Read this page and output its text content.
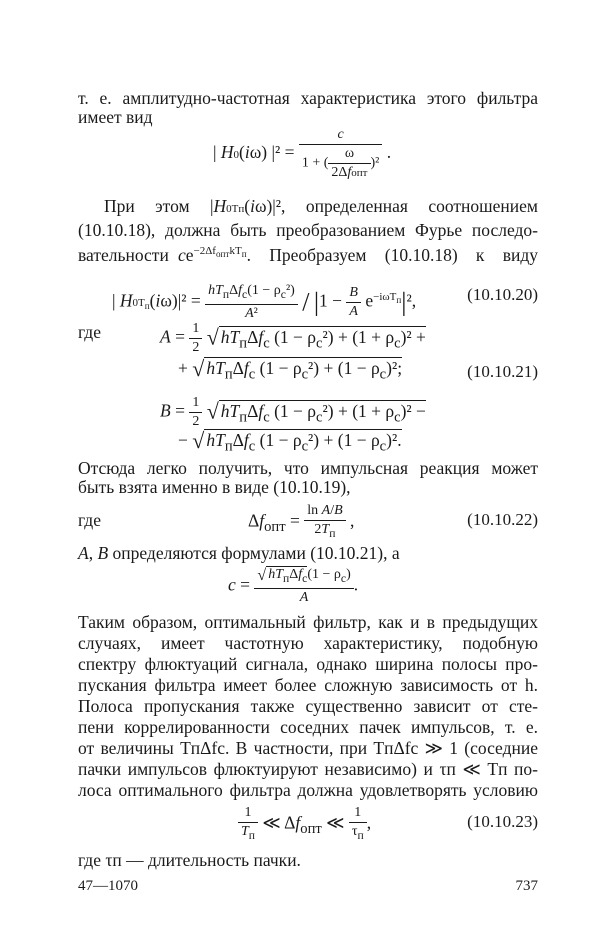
т. е. амплитудно-частотная характеристика этого фильтра
имеет вид
| H0(iω) $|^2 = \frac{c}{1 + ( \frac{\omega}{\text{2Δfопт}} )^2}$ .
При   этом   |H0Tп(iω)|²,   определенная   соотношением
(10.10.18), должна быть преобразованием Фурье последо-
вательности $ce^{-2\Delta f_{опт}kT_п}$.  Преобразуем  (10.10.18)  к  виду
| $H0T_п(i\omega)|^2 = \frac{hT_п\Delta f_c(1 - \rho_c^2)}{\text{A²}} / |1 - \frac{B}{A} e^{-i\omega T_п}|^2$,	(10.10.20)
где	$A = \frac{1}{2}$ √ $hT_п\Delta f_c$ $(1 - \rho_c^2) + (1 + \rho_c)^2$ +
+ √ $hT_п\Delta f_c$ $(1 - \rho_c^2) + (1 - \rho_c)^2$;	(10.10.21)
$B = \frac{1}{2}$ √ $hT_п\Delta f_c$ $(1 - \rho_c^2) + (1 + \rho_c)^2$ −
− √ $hT_п\Delta f_c$ $(1 - \rho_c^2) + (1 - \rho_c)^2$.
Отсюда легко получить, что импульсная реакция может
быть взята именно в виде (10.10.19),
где	$\Delta f_{опт} = \frac{\text{ln A/B}}{2T_п}$ ,	(10.10.22)
A, B определяются формулами (10.10.21), а
$c = \frac{√ hT_п\Delta f_c(1 - \rho_c)}{A}$ .
Таким образом, оптимальный фильтр, как и в предыдущих
случаях, имеет частотную характеристику, подобную
спектру флюктуаций сигнала, однако ширина полосы про-
пускания фильтра имеет более сложную зависимость от h.
Полоса пропускания также существенно зависит от сте-
пени коррелированности соседних пачек импульсов, т. е.
от величины TпΔfc. В частности, при TпΔfc ≫ 1 (соседние
пачки импульсов флюктуируют независимо) и τп ≪ Tп по-
лоса оптимального фильтра должна удовлетворять условию
$\frac{1}{T_п}$ ≪ $\Delta f_{опт}$ ≪ $\frac{1}{\tau_п}$ ,	(10.10.23)
где τп — длительность пачки.
47—1070	737
